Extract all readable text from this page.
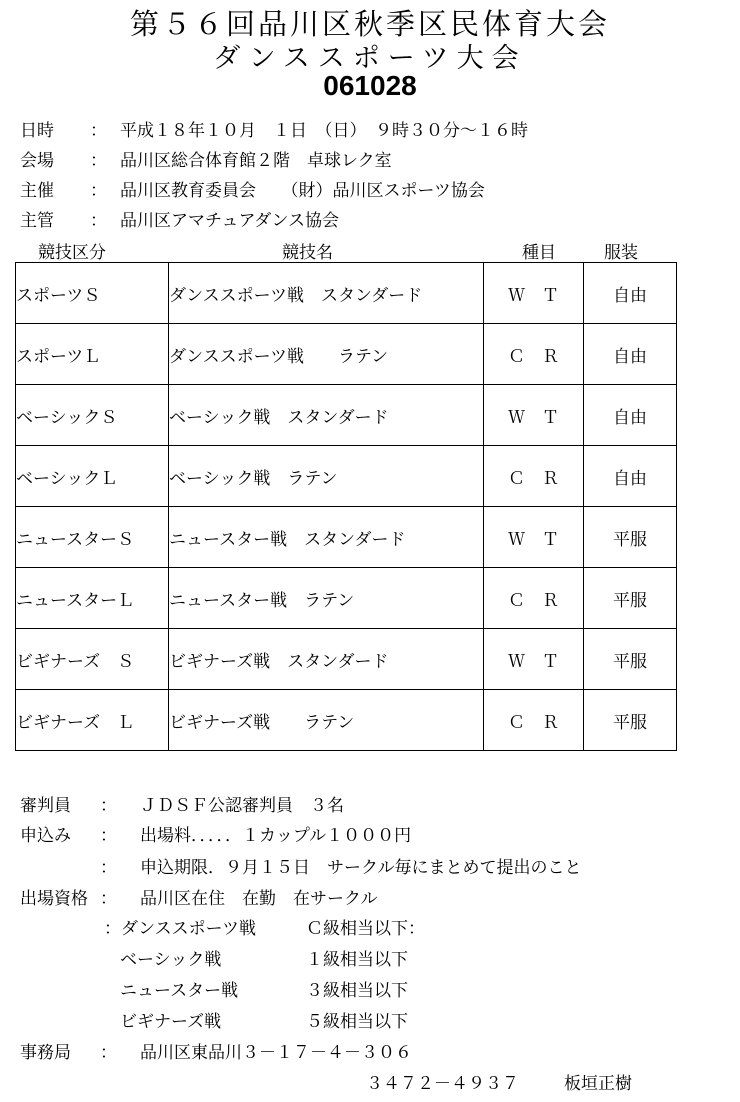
第５６回品川区秋季区民体育大会
ダンススポーツ大会
061028
日時 ： 平成１８年１０月　１日　（日）　９時３０分～１６時
会場 ： 品川区総合体育館２階　卓球レク室
主催 ： 品川区教育委員会　　（財）品川区スポーツ協会
主管 ： 品川区アマチュアダンス協会
競技区分	競技名	種目	服装
スポーツＳ	ダンススポーツ戦　スタンダード	Ｗ　Ｔ	自由
スポーツＬ	ダンススポーツ戦　　ラテン	Ｃ　Ｒ	自由
ベーシックＳ	ベーシック戦　スタンダード	Ｗ　Ｔ	自由
ベーシックＬ	ベーシック戦　ラテン	Ｃ　Ｒ	自由
ニュースターＳ	ニュースター戦　スタンダード	Ｗ　Ｔ	平服
ニュースターＬ	ニュースター戦　ラテン	Ｃ　Ｒ	平服
ビギナーズ　Ｓ	ビギナーズ戦　スタンダード	Ｗ　Ｔ	平服
ビギナーズ　Ｌ	ビギナーズ戦　　ラテン	Ｃ　Ｒ	平服
審判員 ： ＪＤＳＦ公認審判員　３名
申込み ： 出場料．．．．．１カップル１０００円
： 申込期限．９月１５日　サークル毎にまとめて提出のこと
出場資格 ： 品川区在住　在勤　在サークル
：ダンススポーツ戦	Ｃ級相当以下：
ベーシック戦	１級相当以下
ニュースター戦	３級相当以下
ビギナーズ戦	５級相当以下
事務局 ： 品川区東品川３－１７－４－３０６
３４７２－４９３７	板垣正樹
